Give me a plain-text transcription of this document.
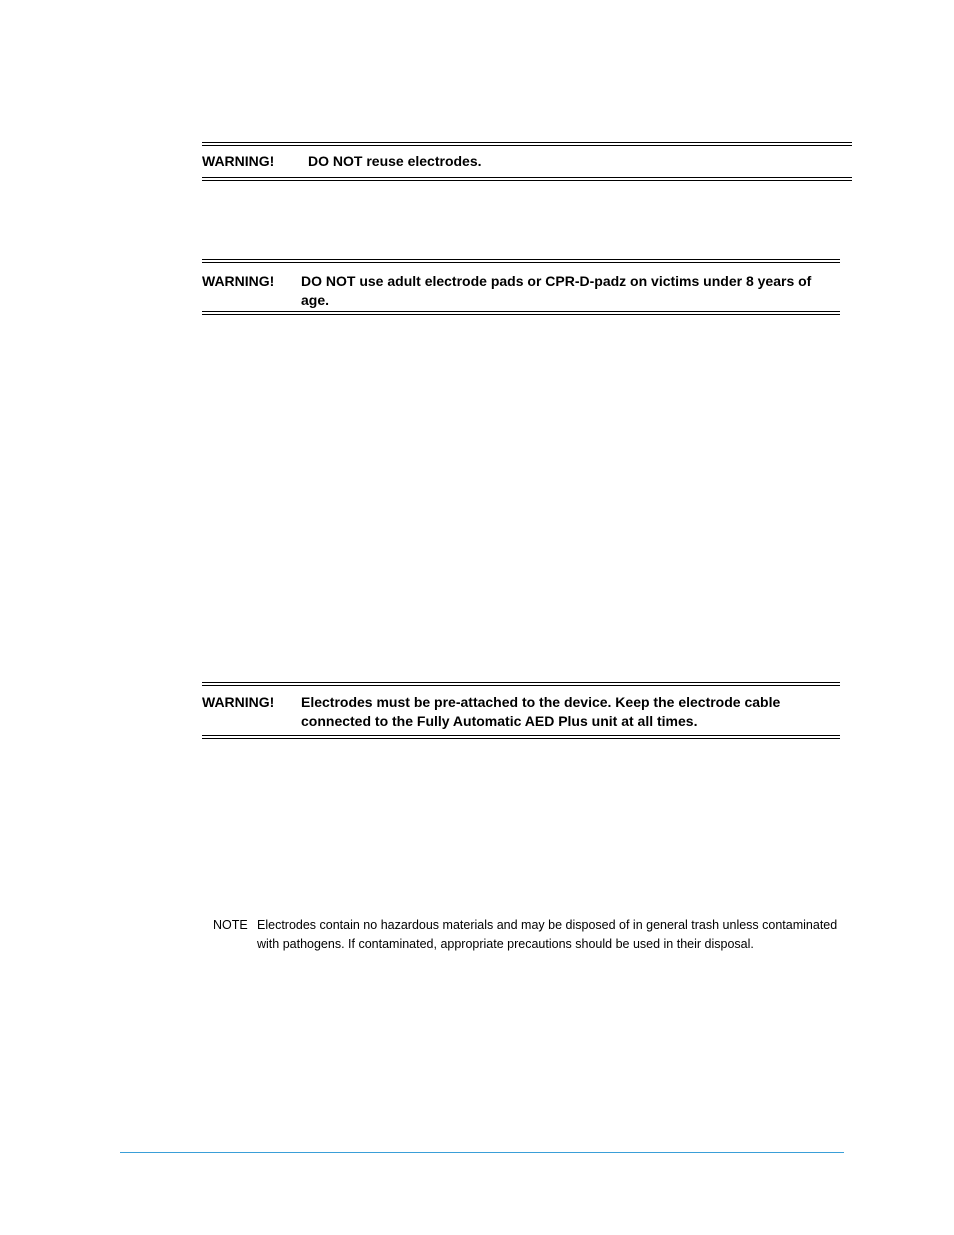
WARNING!	DO NOT reuse electrodes.
WARNING!	DO NOT use adult electrode pads or CPR-D-padz on victims under 8 years of age.
WARNING!	Electrodes must be pre-attached to the device. Keep the electrode cable connected to the Fully Automatic AED Plus unit at all times.
NOTE Electrodes contain no hazardous materials and may be disposed of in general trash unless contaminated with pathogens. If contaminated, appropriate precautions should be used in their disposal.
